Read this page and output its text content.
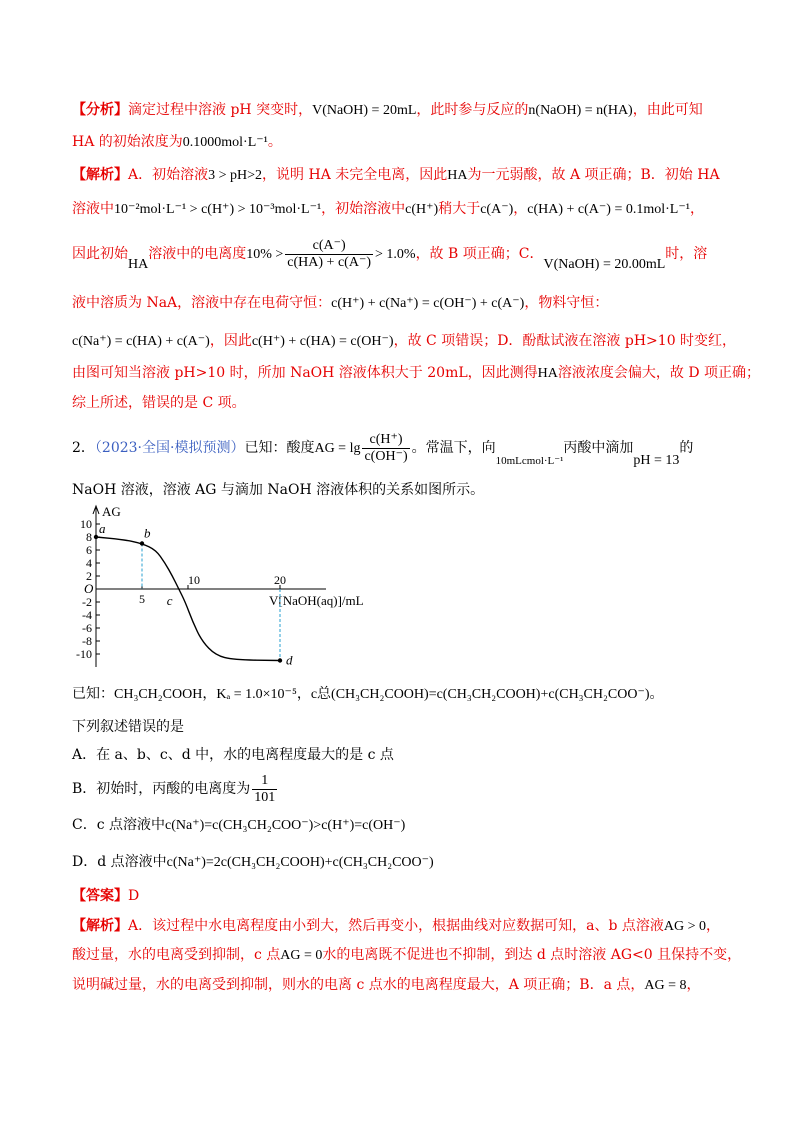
【分析】滴定过程中溶液 pH 突变时，V(NaOH) = 20mL，此时参与反应的n(NaOH) = n(HA)，由此可知
HA 的初始浓度为0.1000mol·L⁻¹。
【解析】A．初始溶液3 > pH>2，说明 HA 未完全电离，因此HA为一元弱酸，故 A 项正确；B．初始 HA
溶液中10⁻²mol·L⁻¹ > c(H⁺) > 10⁻³mol·L⁻¹，初始溶液中c(H⁺)稍大于c(A⁻)，c(HA) + c(A⁻) = 0.1mol·L⁻¹，
因此初始HA溶液中的电离度$10\% > \frac{c(A^-)}{c(HA) + c(A^-)} > 1.0\%$，故 B 项正确；C．V(NaOH) = 20.00mL时，溶
液中溶质为 NaA，溶液中存在电荷守恒：c(H⁺) + c(Na⁺) = c(OH⁻) + c(A⁻)，物料守恒：
c(Na⁺) = c(HA) + c(A⁻)，因此c(H⁺) + c(HA) = c(OH⁻)，故 C 项错误；D．酚酞试液在溶液 pH>10 时变红，
由图可知当溶液 pH>10 时，所加 NaOH 溶液体积大于 20mL，因此测得HA溶液浓度会偏大，故 D 项正确；
综上所述，错误的是 C 项。
2．（2023·全国·模拟预测）已知：酸度AG = $\lg \frac{c(H^+)}{c(OH^-)}$ 。常温下，向$_{10mLcmol\cdot L^{-1}}$丙酸中滴加pH = 13的
NaOH 溶液，溶液 AG 与滴加 NaOH 溶液体积的关系如图所示。
AG
V[NaOH(aq)]/mL
O
10
8
6
4
2
-2
-4
-6
-8
-10
5
10	20
a	b
c
d
已知：CH₃CH₂COOH，Kₐ = 1.0×10⁻⁵，c总(CH₃CH₂COOH)=c(CH₃CH₂COOH)+c(CH₃CH₂COO⁻)。
下列叙述错误的是
A．在 a、b、c、d 中，水的电离程度最大的是 c 点
B．初始时，丙酸的电离度为 $\frac{1}{101}$
C．c 点溶液中c(Na⁺)=c(CH₃CH₂COO⁻)>c(H⁺)=c(OH⁻)
D．d 点溶液中c(Na⁺)=2c(CH₃CH₂COOH)+c(CH₃CH₂COO⁻)
【答案】D
【解析】A．该过程中水电离程度由小到大，然后再变小，根据曲线对应数据可知，a、b 点溶液AG > 0，
酸过量，水的电离受到抑制，c 点AG = 0水的电离既不促进也不抑制，到达 d 点时溶液 AG<0 且保持不变，
说明碱过量，水的电离受到抑制，则水的电离 c 点水的电离程度最大，A 项正确；B．a 点，AG = 8，
